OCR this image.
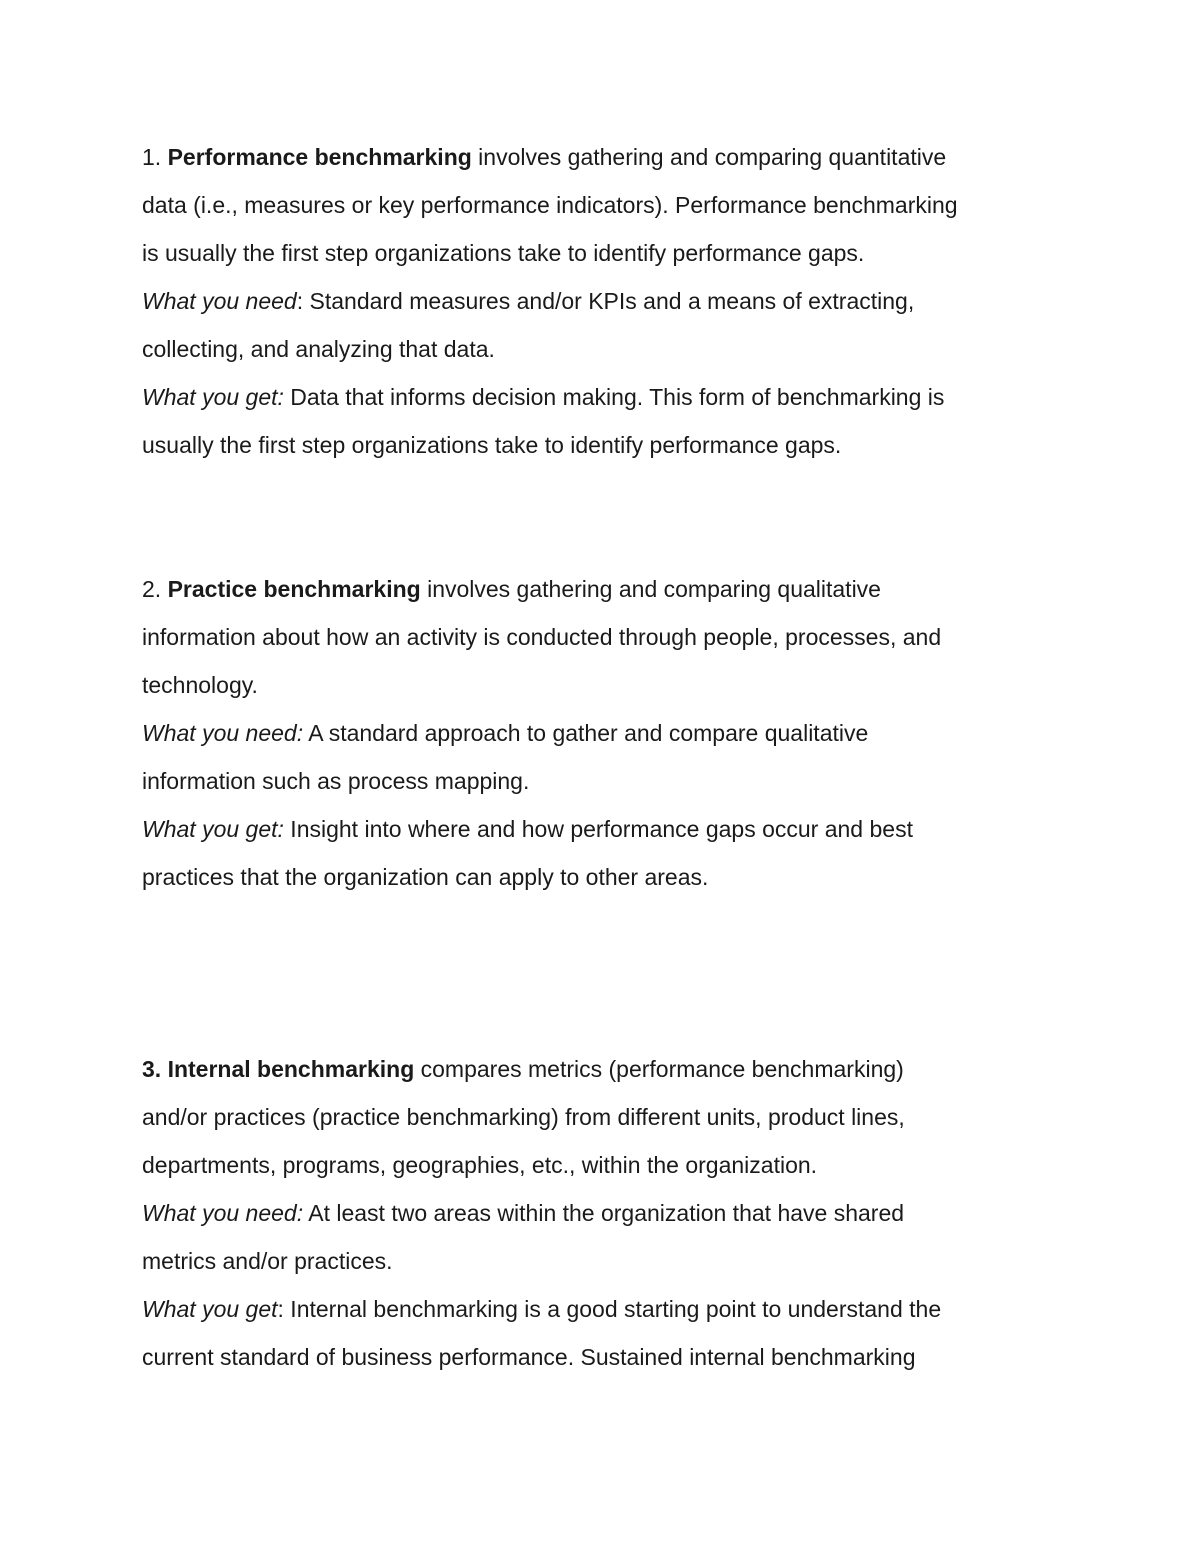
1. Performance benchmarking involves gathering and comparing quantitative

data (i.e., measures or key performance indicators). Performance benchmarking

is usually the first step organizations take to identify performance gaps.

What you need: Standard measures and/or KPIs and a means of extracting,

collecting, and analyzing that data.

What you get: Data that informs decision making. This form of benchmarking is

usually the first step organizations take to identify performance gaps.

2. Practice benchmarking involves gathering and comparing qualitative

information about how an activity is conducted through people, processes, and

technology.

What you need: A standard approach to gather and compare qualitative

information such as process mapping.

What you get: Insight into where and how performance gaps occur and best

practices that the organization can apply to other areas.

3. Internal benchmarking compares metrics (performance benchmarking)

and/or practices (practice benchmarking) from different units, product lines,

departments, programs, geographies, etc., within the organization.

What you need: At least two areas within the organization that have shared

metrics and/or practices.

What you get: Internal benchmarking is a good starting point to understand the

current standard of business performance. Sustained internal benchmarking
